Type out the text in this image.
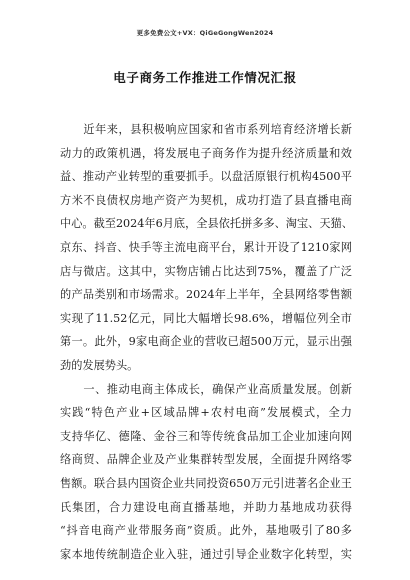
更多免费公文+VX：QiGeGongWen2024
电子商务工作推进工作情况汇报
　　近年来，县积极响应国家和省市系列培育经济增长新
动力的政策机遇，将发展电子商务作为提升经济质量和效
益、推动产业转型的重要抓手。以盘活原银行机构4500平
方米不良债权房地产资产为契机，成功打造了县直播电商
中心。截至2024年6月底，全县依托拼多多、淘宝、天猫、
京东、抖音、快手等主流电商平台，累计开设了1210家网
店与微店。这其中，实物店铺占比达到75%，覆盖了广泛
的产品类别和市场需求。2024年上半年，全县网络零售额
实现了11.52亿元，同比大幅增长98.6%，增幅位列全市
第一。此外，9家电商企业的营收已超500万元，显示出强
劲的发展势头。
　　一、推动电商主体成长，确保产业高质量发展。创新
实践“特色产业+区域品牌+农村电商”发展模式，全力
支持华亿、德隆、金谷三和等传统食品加工企业加速向网
络商贸、品牌企业及产业集群转型发展，全面提升网络零
售额。联合县内国资企业共同投资650万元引进著名企业王
氏集团，合力建设电商直播基地，并助力基地成功获得
“抖音电商产业带服务商”资质。此外，基地吸引了80多
家本地传统制造企业入驻，通过引导企业数字化转型，实
